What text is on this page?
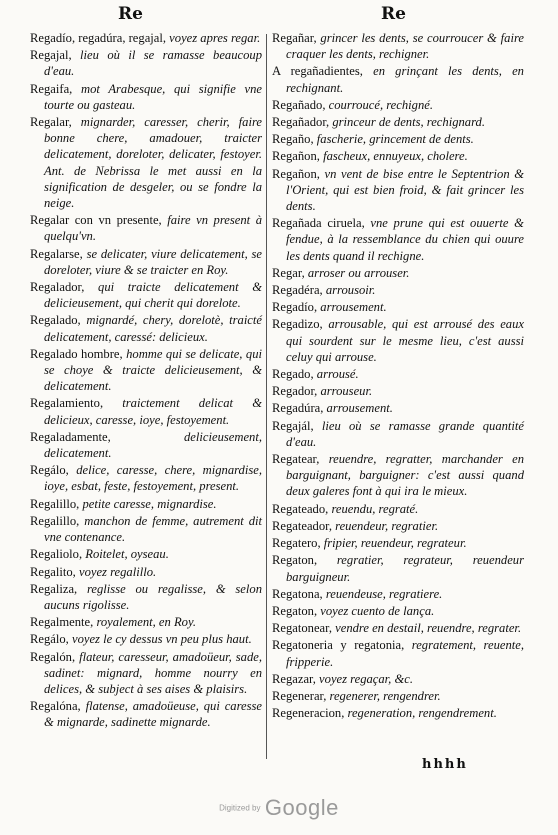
Re	Re
Regadío, regadúra, regajal, voyez apres regar.
Regajal, lieu où il se ramasse beaucoup d'eau.
Regaifa, mot Arabesque, qui signifie vne tourte ou gasteau.
Regalar, mignarder, caresser, cherir, faire bonne chere, amadouer, traicter delicatement, doreloter, delicater, festoyer. Ant. de Nebrissa le met aussi en la signification de desgeler, ou se fondre la neige.
Regalar con vn presente, faire vn present à quelqu'vn.
Regalarse, se delicater, viure delicatement, se doreloter, viure & se traicter en Roy.
Regalador, qui traicte delicatement & delicieusement, qui cherit qui dorelote.
Regalado, mignardé, chery, dorelotè, traicté delicatement, caressé: delicieux.
Regalado hombre, homme qui se delicate, qui se choye & traicte delicieusement, & delicatement.
Regalamiento, traictement delicat & delicieux, caresse, ioye, festoyement.
Regaladamente, delicieusement, delicatement.
Regálo, delice, caresse, chere, mignardise, ioye, esbat, feste, festoyement, present.
Regalillo, petite caresse, mignardise.
Regalillo, manchon de femme, autrement dit vne contenance.
Regaliolo, Roitelet, oyseau.
Regalito, voyez regalillo.
Regaliza, reglisse ou regalisse, & selon aucuns rigolisse.
Regalmente, royalement, en Roy.
Regálo, voyez le cy dessus vn peu plus haut.
Regalón, flateur, caresseur, amadoüeur, sade, sadinet: mignard, homme nourry en delices, & subject à ses aises & plaisirs.
Regalóna, flatense, amadoüeuse, qui caresse & mignarde, sadinette mignarde.
Regañar, grincer les dents, se courroucer & faire craquer les dents, rechigner.
A regañadientes, en grinçant les dents, en rechignant.
Regañado, courroucé, rechigné.
Regañador, grinceur de dents, rechignard.
Regaño, fascherie, grincement de dents.
Regañon, fascheux, ennuyeux, cholere.
Regañon, vn vent de bise entre le Septentrion & l'Orient, qui est bien froid, & fait grincer les dents.
Regañada ciruela, vne prune qui est ouuerte & fendue, à la ressemblance du chien qui ouure les dents quand il rechigne.
Regar, arroser ou arrouser.
Regadéra, arrousoir.
Regadío, arrousement.
Regadizo, arrousable, qui est arrousé des eaux qui sourdent sur le mesme lieu, c'est aussi celuy qui arrouse.
Regado, arrousé.
Regador, arrouseur.
Regadúra, arrousement.
Regajál, lieu où se ramasse grande quantité d'eau.
Regatear, reuendre, regratter, marchander en barguignant, barguigner: c'est aussi quand deux galeres font à qui ira le mieux.
Regateado, reuendu, regraté.
Regateador, reuendeur, regratier.
Regatero, fripier, reuendeur, regrateur.
Regaton, regratier, regrateur, reuendeur barguigneur.
Regatona, reuendeuse, regratiere.
Regaton, voyez cuento de lança.
Regatonear, vendre en destail, reuendre, regrater.
Regatoneria y regatonia, regratement, reuente, fripperie.
Regazar, voyez regaçar, &c.
Regenerar, regenerer, rengendrer.
Regeneracion, regeneration, rengendrement.
hhhh
Digitized by Google
